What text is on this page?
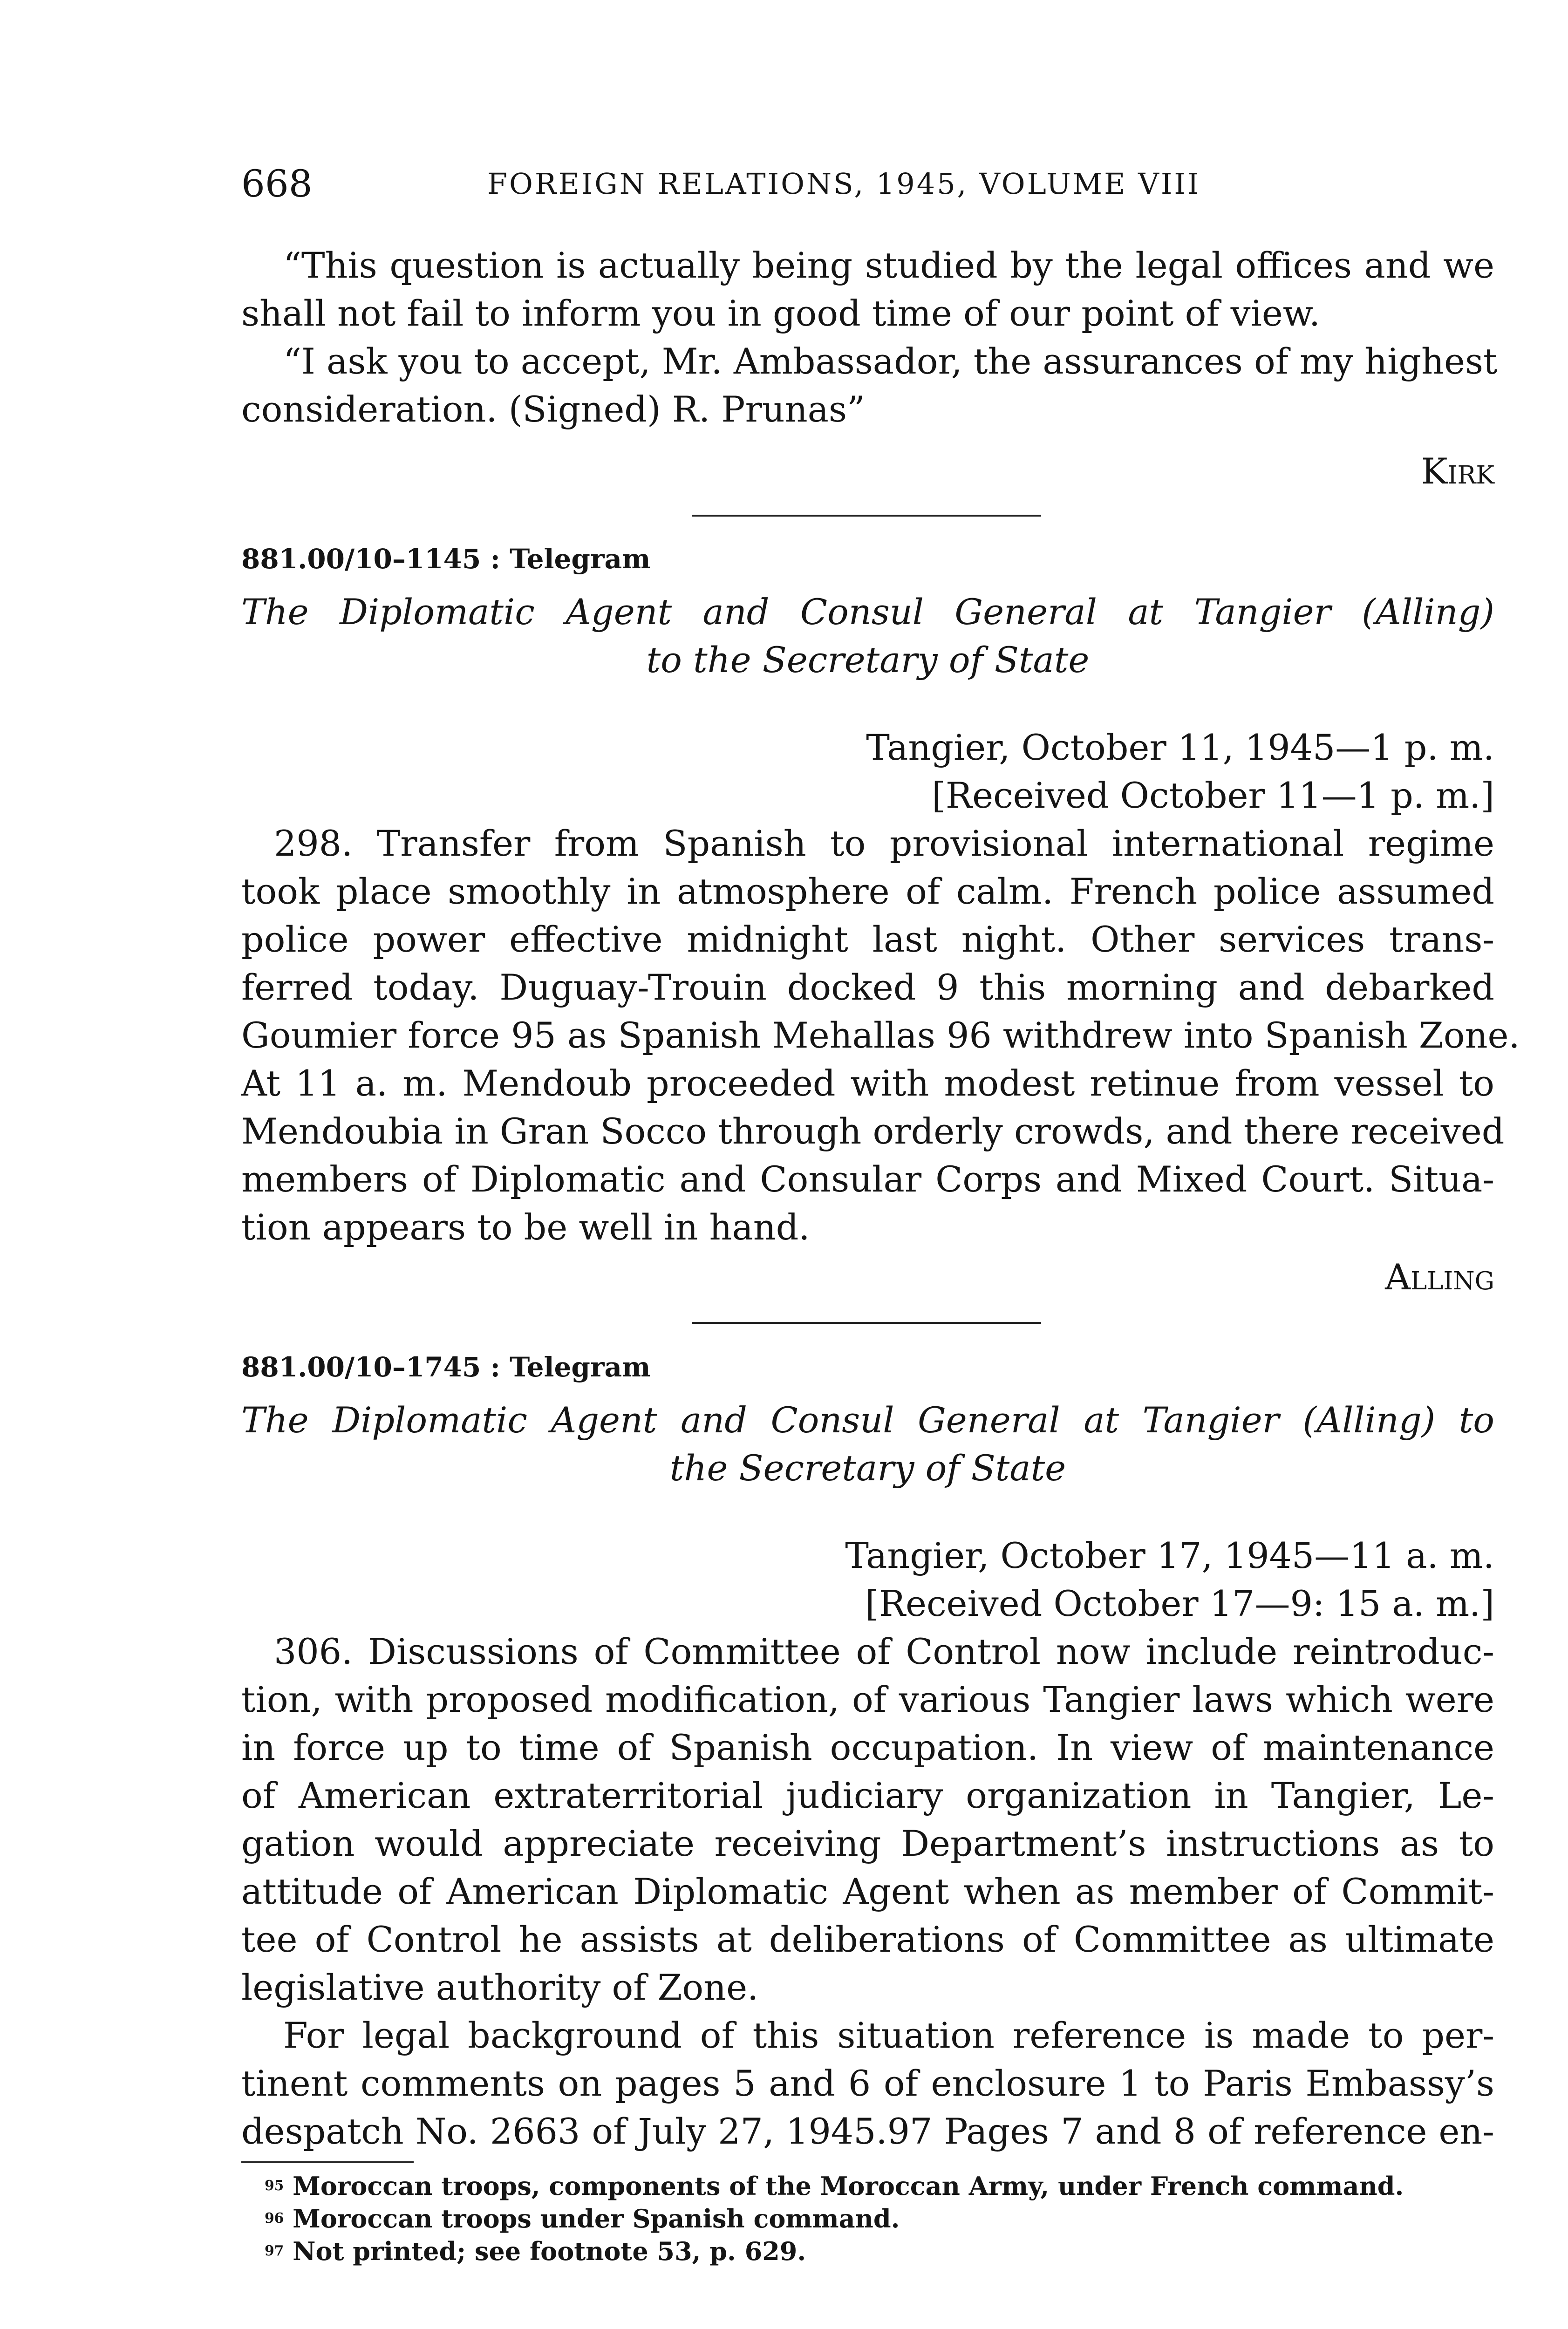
668	FOREIGN RELATIONS, 1945, VOLUME VIII
“This question is actually being studied by the legal offices and we
shall not fail to inform you in good time of our point of view.
“I ask you to accept, Mr. Ambassador, the assurances of my highest
consideration. (Signed) R. Prunas”
Kirk
881.00/10–1145 : Telegram
The Diplomatic Agent and Consul General at Tangier (Alling)
to the Secretary of State
Tangier, October 11, 1945—1 p. m.
[Received October 11—1 p. m.]
298. Transfer from Spanish to provisional international regime
took place smoothly in atmosphere of calm. French police assumed
police power effective midnight last night. Other services trans-
ferred today. Duguay-Trouin docked 9 this morning and debarked
Goumier force 95 as Spanish Mehallas 96 withdrew into Spanish Zone.
At 11 a. m. Mendoub proceeded with modest retinue from vessel to
Mendoubia in Gran Socco through orderly crowds, and there received
members of Diplomatic and Consular Corps and Mixed Court. Situa-
tion appears to be well in hand.
Alling
881.00/10–1745 : Telegram
The Diplomatic Agent and Consul General at Tangier (Alling) to
the Secretary of State
Tangier, October 17, 1945—11 a. m.
[Received October 17—9: 15 a. m.]
306. Discussions of Committee of Control now include reintroduc-
tion, with proposed modification, of various Tangier laws which were
in force up to time of Spanish occupation. In view of maintenance
of American extraterritorial judiciary organization in Tangier, Le-
gation would appreciate receiving Department’s instructions as to
attitude of American Diplomatic Agent when as member of Commit-
tee of Control he assists at deliberations of Committee as ultimate
legislative authority of Zone.
For legal background of this situation reference is made to per-
tinent comments on pages 5 and 6 of enclosure 1 to Paris Embassy’s
despatch No. 2663 of July 27, 1945.97 Pages 7 and 8 of reference en-
$^{95}$ Moroccan troops, components of the Moroccan Army, under French command.
$^{96}$ Moroccan troops under Spanish command.
$^{97}$ Not printed; see footnote 53, p. 629.
